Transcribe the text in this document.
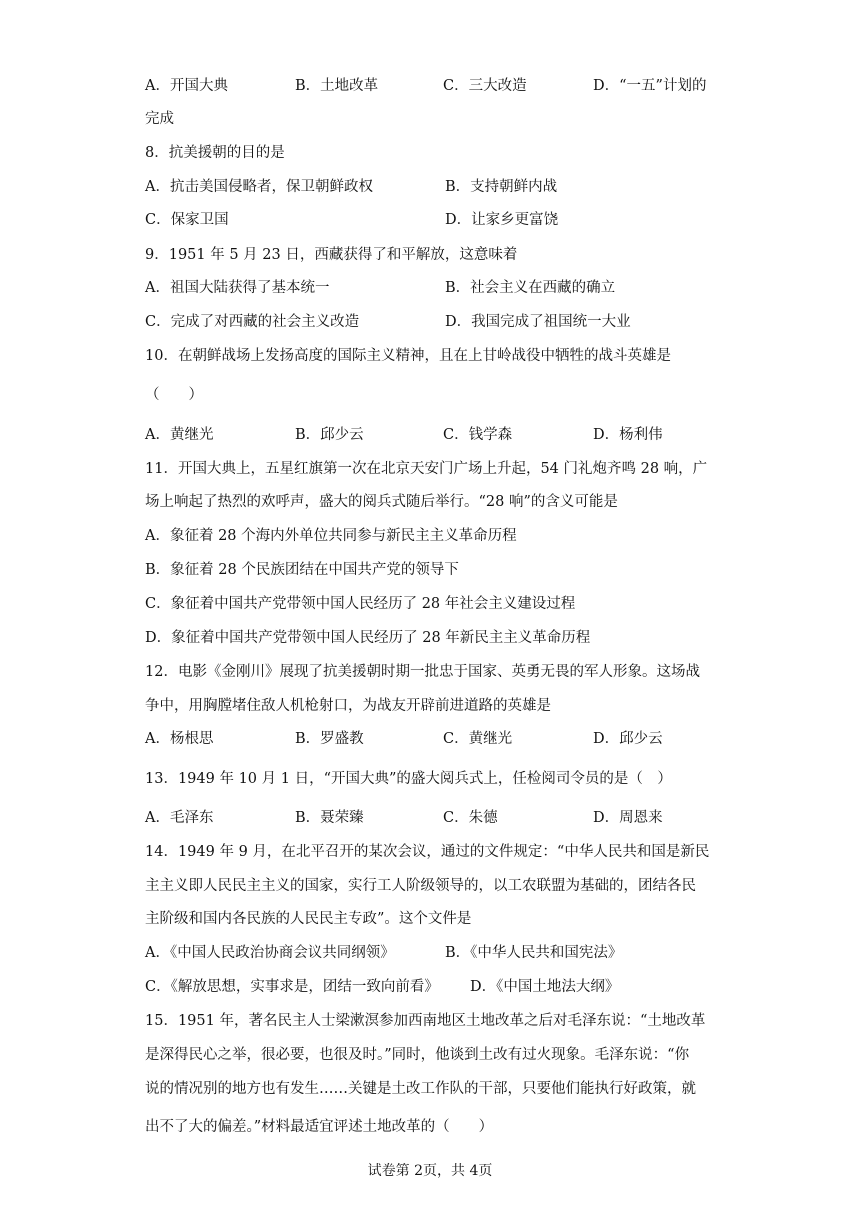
A．开国大典	B．土地改革	C．三大改造	D．“一五”计划的
完成
8．抗美援朝的目的是
A．抗击美国侵略者，保卫朝鲜政权	B．支持朝鲜内战
C．保家卫国	D．让家乡更富饶
9．1951 年 5 月 23 日，西藏获得了和平解放，这意味着
A．祖国大陆获得了基本统一	B．社会主义在西藏的确立
C．完成了对西藏的社会主义改造	D．我国完成了祖国统一大业
10．在朝鲜战场上发扬高度的国际主义精神，且在上甘岭战役中牺牲的战斗英雄是
（　　）
A．黄继光	B．邱少云	C．钱学森	D．杨利伟
11．开国大典上，五星红旗第一次在北京天安门广场上升起，54 门礼炮齐鸣 28 响，广
场上响起了热烈的欢呼声，盛大的阅兵式随后举行。“28 响”的含义可能是
A．象征着 28 个海内外单位共同参与新民主主义革命历程
B．象征着 28 个民族团结在中国共产党的领导下
C．象征着中国共产党带领中国人民经历了 28 年社会主义建设过程
D．象征着中国共产党带领中国人民经历了 28 年新民主主义革命历程
12．电影《金刚川》展现了抗美援朝时期一批忠于国家、英勇无畏的军人形象。这场战
争中，用胸膛堵住敌人机枪射口，为战友开辟前进道路的英雄是
A．杨根思	B．罗盛教	C．黄继光	D．邱少云
13．1949 年 10 月 1 日，“开国大典”的盛大阅兵式上，任检阅司令员的是（　）
A．毛泽东	B．聂荣臻	C．朱德	D．周恩来
14．1949 年 9 月，在北平召开的某次会议，通过的文件规定：“中华人民共和国是新民
主主义即人民民主主义的国家，实行工人阶级领导的，以工农联盟为基础的，团结各民
主阶级和国内各民族的人民民主专政”。这个文件是
A．《中国人民政治协商会议共同纲领》	B．《中华人民共和国宪法》
C．《解放思想，实事求是，团结一致向前看》 D．《中国土地法大纲》
15．1951 年，著名民主人士梁漱溟参加西南地区土地改革之后对毛泽东说：“土地改革
是深得民心之举，很必要，也很及时。”同时，他谈到土改有过火现象。毛泽东说：“你
说的情况别的地方也有发生……关键是土改工作队的干部，只要他们能执行好政策，就
出不了大的偏差。”材料最适宜评述土地改革的（　　）
试卷第 2页，共 4页
